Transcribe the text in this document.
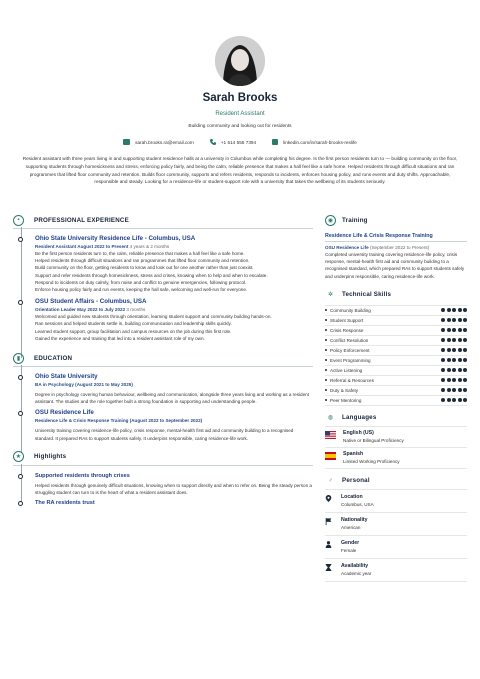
Sarah Brooks
Resident Assistant
Building community and looking out for residents
sarah.brooks.ra@email.com	+1 614 555 7394	linkedin.com/in/sarah-brooks-reslife
Resident assistant with three years living in and supporting student residence halls at a university in Columbus while completing his degree. Is the first person residents turn to — building community on the floor, supporting students through homesickness and stress, enforcing policy fairly, and being the calm, reliable presence that makes a hall feel like a safe home. Helped residents through difficult situations and ran programmes that lifted floor community and retention. Builds floor community, supports and refers residents, responds to incidents, enforces housing policy, and runs events and duty shifts. Approachable, responsible and steady. Looking for a residence-life or student-support role with a university that takes the wellbeing of its students seriously.
▪	PROFESSIONAL EXPERIENCE
Ohio State University Residence Life - Columbus, USA
Resident Assistant August 2022 to Present 4 years & 2 months
Be the first person residents turn to, the calm, reliable presence that makes a hall feel like a safe home.
Helped residents through difficult situations and ran programmes that lifted floor community and retention.
Build community on the floor, getting residents to know and look out for one another rather than just coexist.
Support and refer residents through homesickness, stress and crises, knowing when to help and when to escalate.
Respond to incidents on duty calmly, from noise and conflict to genuine emergencies, following protocol.
Enforce housing policy fairly and run events, keeping the hall safe, welcoming and well-run for everyone.
OSU Student Affairs - Columbus, USA
Orientation Leader May 2022 to July 2022 3 months
Welcomed and guided new students through orientation, learning student support and community building hands-on.
Ran sessions and helped students settle in, building communication and leadership skills quickly.
Learned student support, group facilitation and campus resources on the job during this first role.
Gained the experience and training that led into a resident assistant role of my own.
▮	EDUCATION
Ohio State University
BA in Psychology (August 2021 to May 2025)
Degree in psychology covering human behaviour, wellbeing and communication, alongside three years living and working as a resident assistant. The studies and the role together built a strong foundation in supporting and understanding people.
OSU Residence Life
Residence Life & Crisis Response Training (August 2022 to September 2022)
University training covering residence-life policy, crisis response, mental-health first aid and community building to a recognised standard. It prepared RAs to support students safely. It underpins responsible, caring residence-life work.
★	Highlights
Supported residents through crises
Helped residents through genuinely difficult situations, knowing when to support directly and when to refer on. Being the steady person a struggling student can turn to is the heart of what a resident assistant does.
The RA residents trust
◉	Training
Residence Life & Crisis Response Training
OSU Residence Life (September 2022 to Present)
Completed university training covering residence-life policy, crisis response, mental-health first aid and community building to a recognised standard, which prepared RAs to support students safely and underpins responsible, caring residence-life work.
✲	Technical Skills
Community Building
Student Support
Crisis Response
Conflict Resolution
Policy Enforcement
Event Programming
Active Listening
Referral & Resources
Duty & Safety
Peer Mentoring
◍	Languages
English (US)
Native or Bilingual Proficiency
Spanish
Limited Working Proficiency
♂	Personal
Location
Columbus, USA
Nationality
American
Gender
Female
Availability
Academic year
